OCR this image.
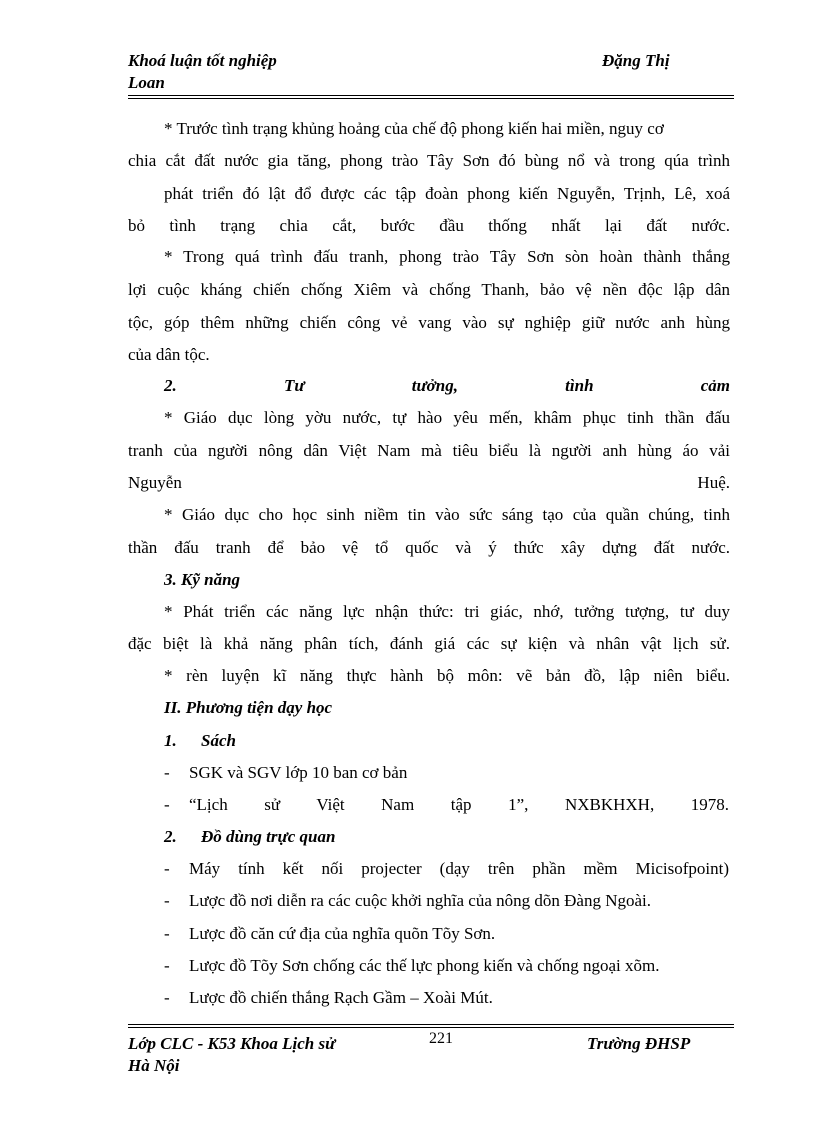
Khoá luận tốt nghiệp
Loan
Đặng Thị
* Trước tình trạng khủng hoảng của chế độ phong kiến hai miền, nguy cơ
chia cắt đất nước gia tăng, phong trào Tây Sơn đó bùng nổ và trong qúa trình
phát triển đó lật đổ được các tập đoàn phong kiến Nguyễn, Trịnh, Lê, xoá
bỏ tình trạng chia cắt, bước đầu thống nhất lại đất nước.
* Trong quá trình đấu tranh, phong trào Tây Sơn sòn hoàn thành thắng
lợi cuộc kháng chiến chống Xiêm và chống Thanh, bảo vệ nền độc lập dân
tộc, góp thêm những chiến công vẻ vang vào sự nghiệp giữ nước anh hùng
của dân tộc.
2. Tư tưởng, tình cảm
* Giáo dục lòng yờu nước, tự hào yêu mến, khâm phục tinh thần đấu
tranh của người nông dân Việt Nam mà tiêu biểu là người anh hùng áo vải
Nguyễn Huệ.
* Giáo dục cho học sinh niềm tin vào sức sáng tạo của quần chúng, tinh
thần đấu tranh để bảo vệ tổ quốc và ý thức xây dựng đất nước.
3. Kỹ năng
* Phát triển các năng lực nhận thức: tri giác, nhớ, tưởng tượng, tư duy
đặc biệt là khả năng phân tích, đánh giá các sự kiện và nhân vật lịch sử.
* rèn luyện kĩ năng thực hành bộ môn: vẽ bản đồ, lập niên biểu.
II. Phương tiện dạy học
1. Sách
- SGK và SGV lớp 10 ban cơ bản
- “Lịch sử Việt Nam tập 1”, NXBKHXH, 1978.
2. Đồ dùng trực quan
- Máy tính kết nối projecter (dạy trên phần mềm Micisofpoint)
- Lược đồ nơi diễn ra các cuộc khởi nghĩa của nông dõn Đàng Ngoài.
- Lược đồ căn cứ địa của nghĩa quõn Tõy Sơn.
- Lược đồ Tõy Sơn chống các thế lực phong kiến và chống ngoại xõm.
- Lược đồ chiến thắng Rạch Gầm – Xoài Mút.
Lớp CLC - K53 Khoa Lịch sử
Hà Nội
221	Trường ĐHSP
